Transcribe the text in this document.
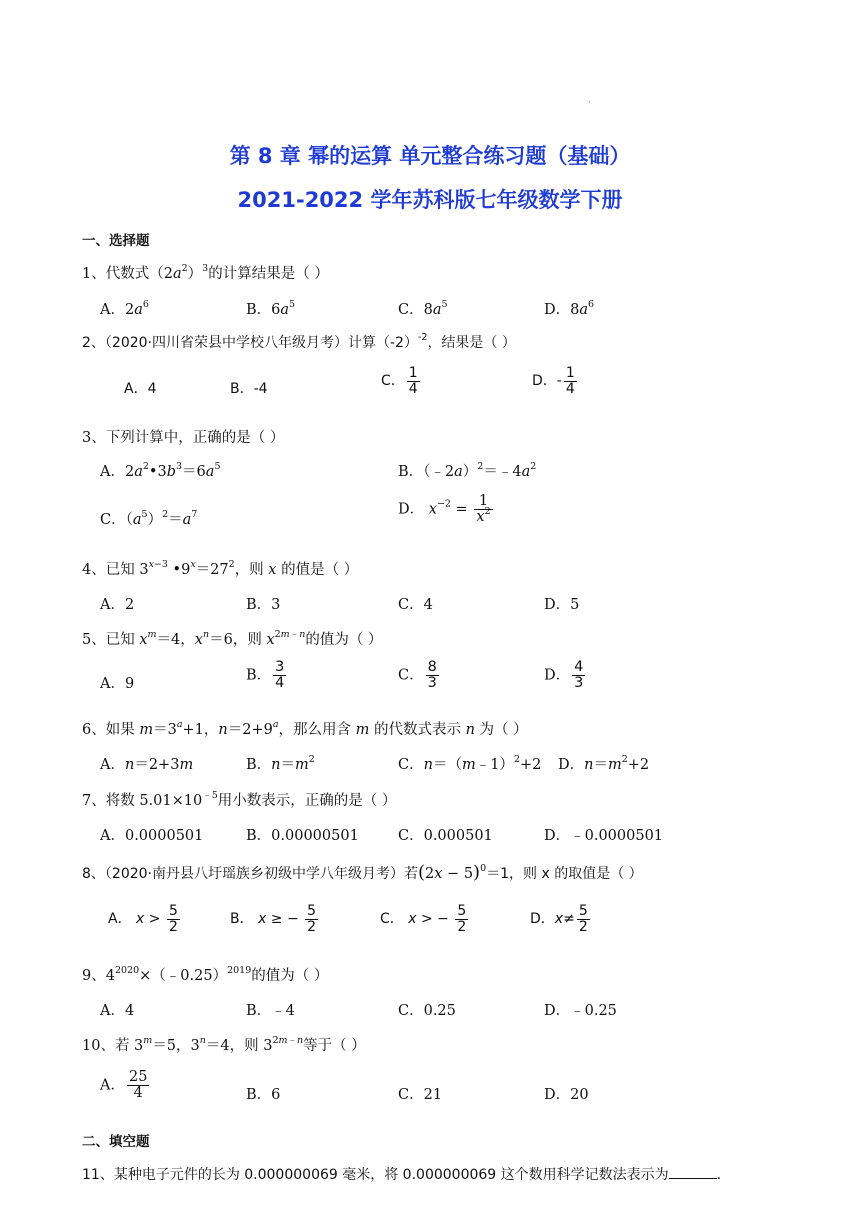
·
第 8 章 幂的运算 单元整合练习题（基础）
2021-2022 学年苏科版七年级数学下册
一、选择题
1、代数式$(2a^2)^3$的计算结果是（ ）
A．$2a^6$	B．$6a^5$	C．$8a^5$	D．$8a^6$
2、（2020·四川省荣县中学校八年级月考）计算$(-2)^{-2}$，结果是（ ）
A．4	B．-4	C． $\frac{1}{4}$	D．- $\frac{1}{4}$
3、下列计算中，正确的是（ ）
A．$2a^2•3b^3=6a^5$	B．$(﹣2a)^2=﹣4a^2$
C．$(a^5)^2=a^7$	D． $x^{-2} = \frac{1}{x^2}$
4、已知 $3^{x-3}$ $•9^x=27^2$，则 x 的值是（ ）
A．2	B．3	C．4	D．5
5、已知 $x^m=4$，$x^n=6$，则 $x^{2m﹣n}$的值为（ ）
A．9
B． $\frac{3}{4}$	C． $\frac{8}{3}$	D． $\frac{4}{3}$
6、如果 $m=3^a+1$，$n=2+9^a$，那么用含 m 的代数式表示 n 为（ ）
A．n＝2+3m	B．$n=m^2$	C．n＝（m﹣1）$^2$+2 D．$n=m^2+2$
7、将数 $5.01\times 10^{﹣5}$用小数表示，正确的是（ ）
A．0.0000501	B．0.00000501	C．0.000501	D．﹣0.0000501
8、（2020·南丹县八圩瑶族乡初级中学八年级月考）若$(2x - 5)^0=1$，则 x 的取值是（ ）
A． $x > \frac{5}{2}$	B． x ≥ − $\frac{5}{2}$	C． x > − $\frac{5}{2}$	D．$x\ne \frac{5}{2}$
9、$4^{2020}\times(﹣0.25)^{2019}$的值为（ ）
A．4	B．﹣4	C．0.25	D．﹣0.25
10、若 $3^m=5$，$3^n=4$，则 $3^{2m﹣n}$等于（ ）
A． $\frac{25}{4}$	B．6	C．21	D．20
二、填空题
11、某种电子元件的长为 0.000000069 毫米，将 0.000000069 这个数用科学记数法表示为	.
